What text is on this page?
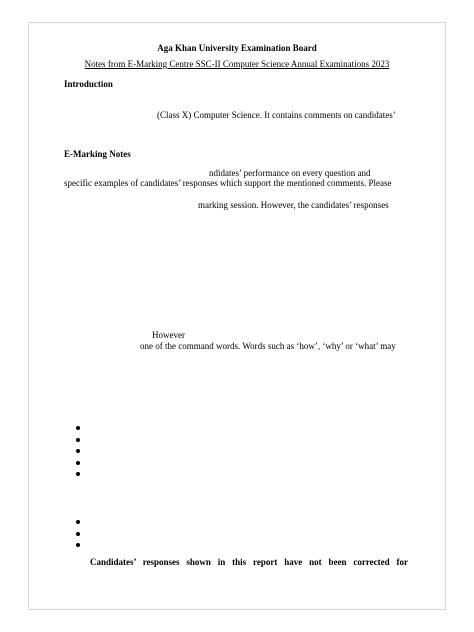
Aga Khan University Examination Board
Notes from E-Marking Centre SSC-II Computer Science Annual Examinations 2023
Introduction
(Class X) Computer Science. It contains comments on candidates’
E-Marking Notes
ndidates’ performance on every question and
specific examples of candidates’ responses which support the mentioned comments. Please
marking session. However, the candidates’ responses
However
one of the command words. Words such as ‘how’, ‘why’ or ‘what’ may
Candidates’ responses shown in this report have not been corrected for
